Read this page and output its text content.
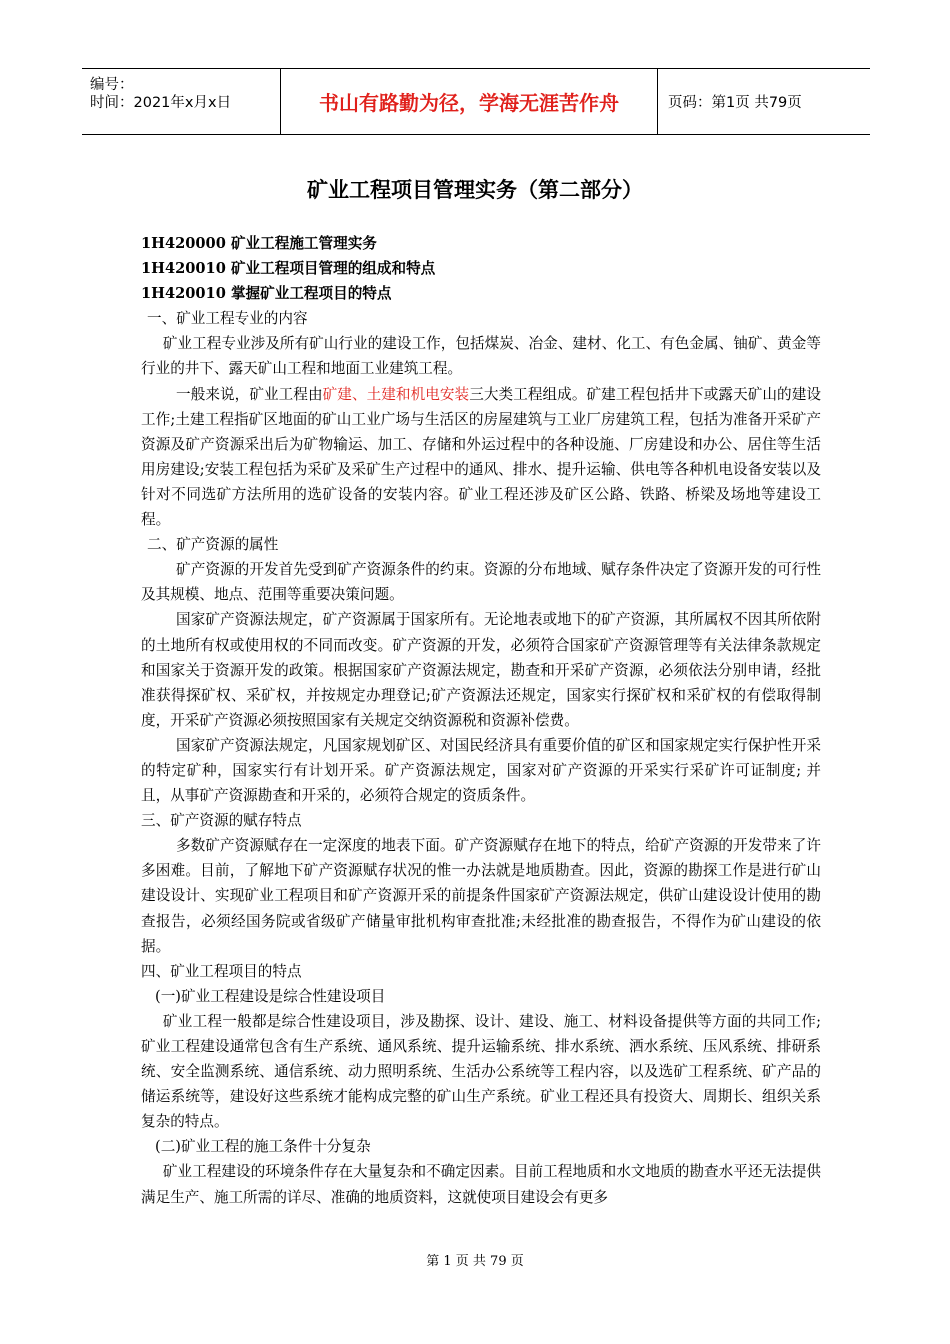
编号：
时间：2021年x月x日	书山有路勤为径，学海无涯苦作舟	页码：第1页 共79页
矿业工程项目管理实务（第二部分）

1H420000 矿业工程施工管理实务

1H420010 矿业工程项目管理的组成和特点

1H420010 掌握矿业工程项目的特点

一、矿业工程专业的内容

矿业工程专业涉及所有矿山行业的建设工作，包括煤炭、冶金、建材、化工、有色金属、铀矿、黄金等行业的井下、露天矿山工程和地面工业建筑工程。

一般来说，矿业工程由矿建、土建和机电安装三大类工程组成。矿建工程包括井下或露天矿山的建设工作;土建工程指矿区地面的矿山工业广场与生活区的房屋建筑与工业厂房建筑工程，包括为准备开采矿产资源及矿产资源采出后为矿物输运、加工、存储和外运过程中的各种设施、厂房建设和办公、居住等生活用房建设;安装工程包括为采矿及采矿生产过程中的通风、排水、提升运输、供电等各种机电设备安装以及针对不同选矿方法所用的选矿设备的安装内容。矿业工程还涉及矿区公路、铁路、桥梁及场地等建设工程。

二、矿产资源的属性

矿产资源的开发首先受到矿产资源条件的约束。资源的分布地域、赋存条件决定了资源开发的可行性及其规模、地点、范围等重要决策问题。

国家矿产资源法规定，矿产资源属于国家所有。无论地表或地下的矿产资源，其所属权不因其所依附的土地所有权或使用权的不同而改变。矿产资源的开发，必须符合国家矿产资源管理等有关法律条款规定和国家关于资源开发的政策。根据国家矿产资源法规定，勘查和开采矿产资源，必须依法分别申请，经批准获得探矿权、采矿权，并按规定办理登记;矿产资源法还规定，国家实行探矿权和采矿权的有偿取得制度，开采矿产资源必须按照国家有关规定交纳资源税和资源补偿费。

国家矿产资源法规定，凡国家规划矿区、对国民经济具有重要价值的矿区和国家规定实行保护性开采的特定矿种，国家实行有计划开采。矿产资源法规定，国家对矿产资源的开采实行采矿许可证制度; 并且，从事矿产资源勘查和开采的，必须符合规定的资质条件。

三、矿产资源的赋存特点

多数矿产资源赋存在一定深度的地表下面。矿产资源赋存在地下的特点，给矿产资源的开发带来了许多困难。目前，了解地下矿产资源赋存状况的惟一办法就是地质勘查。因此，资源的勘探工作是进行矿山建设设计、实现矿业工程项目和矿产资源开采的前提条件国家矿产资源法规定，供矿山建设设计使用的勘查报告，必须经国务院或省级矿产储量审批机构审查批准;未经批准的勘查报告，不得作为矿山建设的依据。

四、矿业工程项目的特点

(一)矿业工程建设是综合性建设项目

矿业工程一般都是综合性建设项目，涉及勘探、设计、建设、施工、材料设备提供等方面的共同工作;矿业工程建设通常包含有生产系统、通风系统、提升运输系统、排水系统、洒水系统、压风系统、排研系统、安全监测系统、通信系统、动力照明系统、生活办公系统等工程内容，以及选矿工程系统、矿产品的储运系统等，建设好这些系统才能构成完整的矿山生产系统。矿业工程还具有投资大、周期长、组织关系复杂的特点。

(二)矿业工程的施工条件十分复杂

矿业工程建设的环境条件存在大量复杂和不确定因素。目前工程地质和水文地质的勘查水平还无法提供满足生产、施工所需的详尽、准确的地质资料，这就使项目建设会有更多

第 1 页 共 79 页
